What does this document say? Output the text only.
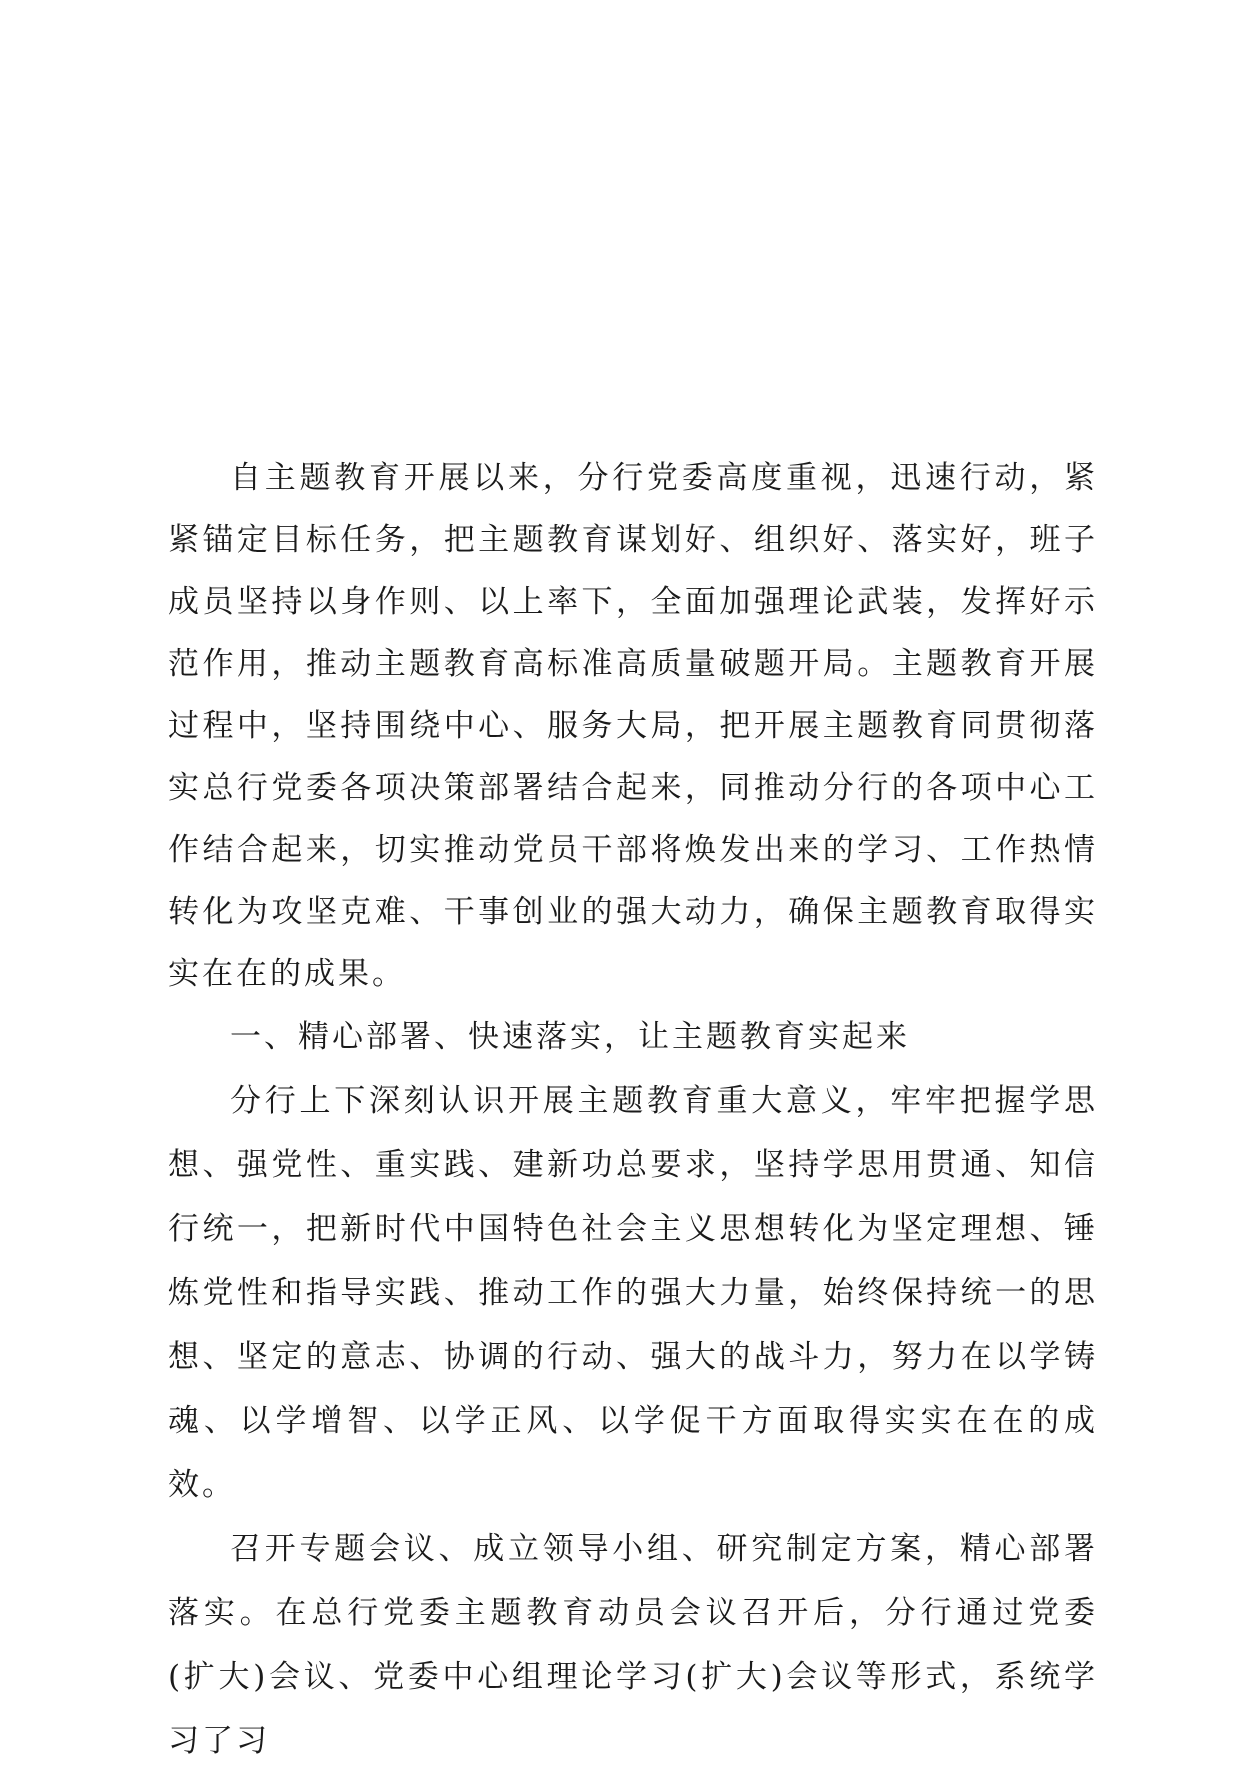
自主题教育开展以来，分行党委高度重视，迅速行动，紧紧锚定目标任务，把主题教育谋划好、组织好、落实好，班子成员坚持以身作则、以上率下，全面加强理论武装，发挥好示范作用，推动主题教育高标准高质量破题开局。主题教育开展过程中，坚持围绕中心、服务大局，把开展主题教育同贯彻落实总行党委各项决策部署结合起来，同推动分行的各项中心工作结合起来，切实推动党员干部将焕发出来的学习、工作热情转化为攻坚克难、干事创业的强大动力，确保主题教育取得实实在在的成果。

一、精心部署、快速落实，让主题教育实起来

分行上下深刻认识开展主题教育重大意义，牢牢把握学思想、强党性、重实践、建新功总要求，坚持学思用贯通、知信行统一，把新时代中国特色社会主义思想转化为坚定理想、锤炼党性和指导实践、推动工作的强大力量，始终保持统一的思想、坚定的意志、协调的行动、强大的战斗力，努力在以学铸魂、以学增智、以学正风、以学促干方面取得实实在在的成效。

召开专题会议、成立领导小组、研究制定方案，精心部署落实。在总行党委主题教育动员会议召开后，分行通过党委(扩大)会议、党委中心组理论学习(扩大)会议等形式，系统学习了习
